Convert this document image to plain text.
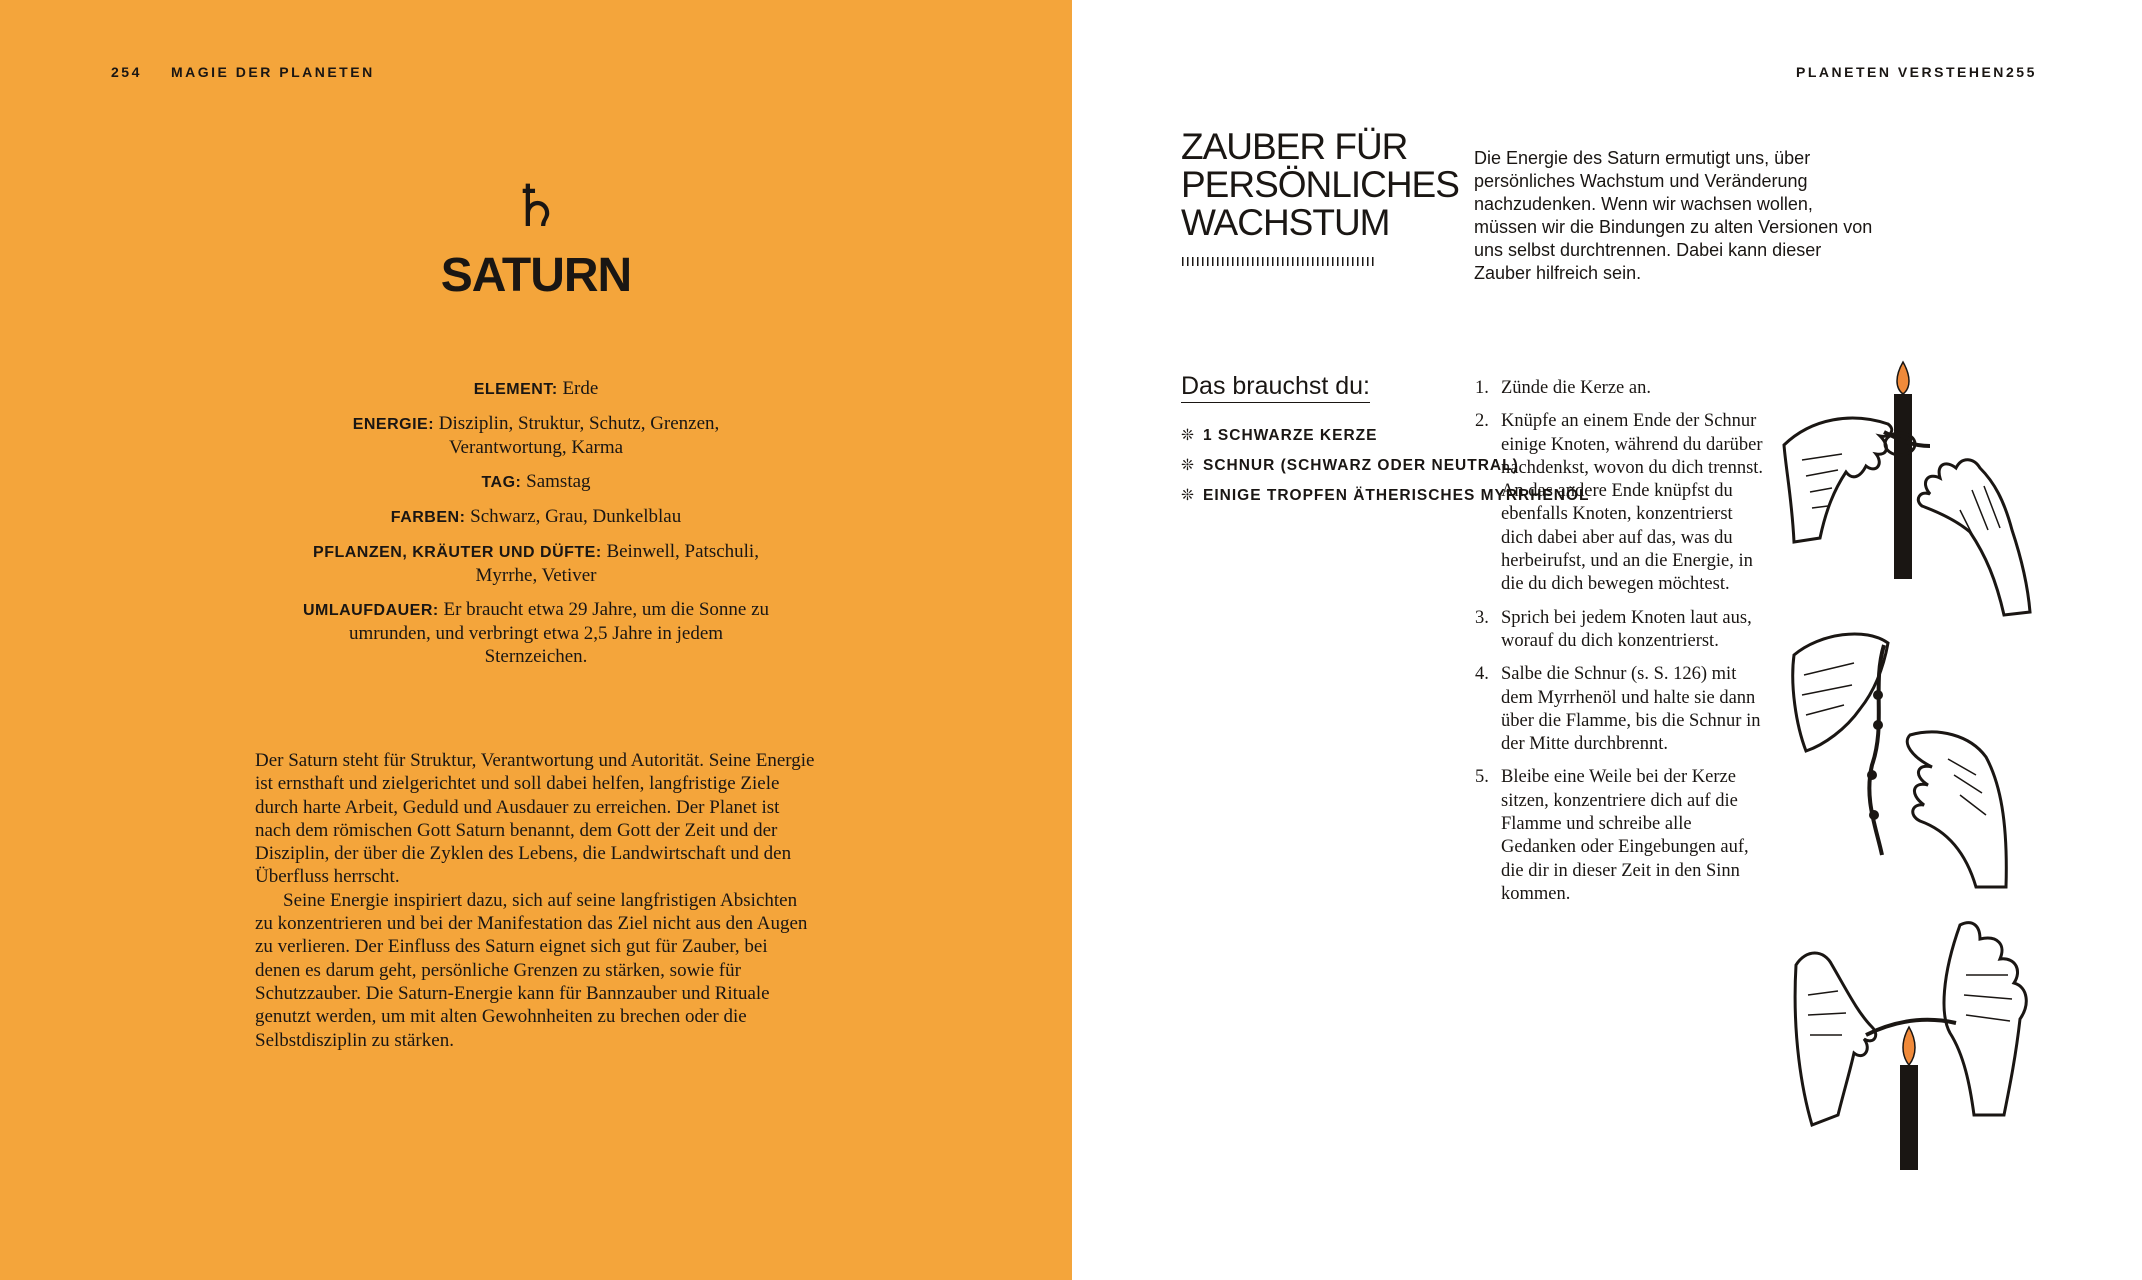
254 MAGIE DER PLANETEN
♄
SATURN

ELEMENT: Erde

ENERGIE: Disziplin, Struktur, Schutz, Grenzen, Verantwortung, Karma

TAG: Samstag

FARBEN: Schwarz, Grau, Dunkelblau

PFLANZEN, KRÄUTER UND DÜFTE: Beinwell, Patschuli, Myrrhe, Vetiver

UMLAUFDAUER: Er braucht etwa 29 Jahre, um die Sonne zu umrunden, und verbringt etwa 2,5 Jahre in jedem Sternzeichen.

Der Saturn steht für Struktur, Verantwortung und Autorität. Seine Energie ist ernsthaft und zielgerichtet und soll dabei helfen, langfristige Ziele durch harte Arbeit, Geduld und Ausdauer zu erreichen. Der Planet ist nach dem römischen Gott Saturn benannt, dem Gott der Zeit und der Disziplin, der über die Zyklen des Lebens, die Landwirtschaft und den Überfluss herrscht.

Seine Energie inspiriert dazu, sich auf seine langfristigen Absichten zu konzentrieren und bei der Manifestation das Ziel nicht aus den Augen zu verlieren. Der Einfluss des Saturn eignet sich gut für Zauber, bei denen es darum geht, persönliche Grenzen zu stärken, sowie für Schutzzauber. Die Saturn-Energie kann für Bannzauber und Rituale genutzt werden, um mit alten Gewohnheiten zu brechen oder die Selbstdisziplin zu stärken.

PLANETEN VERSTEHEN 255
ZAUBER FÜR
PERSÖNLICHES
WACHSTUM
Die Energie des Saturn ermutigt uns, über persönliches Wachstum und Veränderung nachzudenken. Wenn wir wachsen wollen, müssen wir die Bindungen zu alten Versionen von uns selbst durchtrennen. Dabei kann dieser Zauber hilfreich sein.
Das brauchst du:
❊ 1 SCHWARZE KERZE
❊ SCHNUR (SCHWARZ ODER NEUTRAL)
❊ EINIGE TROPFEN ÄTHERISCHES MYRRHENÖL
1. Zünde die Kerze an.
2. Knüpfe an einem Ende der Schnur einige Knoten, während du darüber nachdenkst, wovon du dich trennst. An das andere Ende knüpfst du ebenfalls Knoten, konzentrierst dich dabei aber auf das, was du herbeirufst, und an die Energie, in die du dich bewegen möchtest.
3. Sprich bei jedem Knoten laut aus, worauf du dich konzentrierst.
4. Salbe die Schnur (s. S. 126) mit dem Myrrhenöl und halte sie dann über die Flamme, bis die Schnur in der Mitte durchbrennt.
5. Bleibe eine Weile bei der Kerze sitzen, konzentriere dich auf die Flamme und schreibe alle Gedanken oder Eingebungen auf, die dir in dieser Zeit in den Sinn kommen.
